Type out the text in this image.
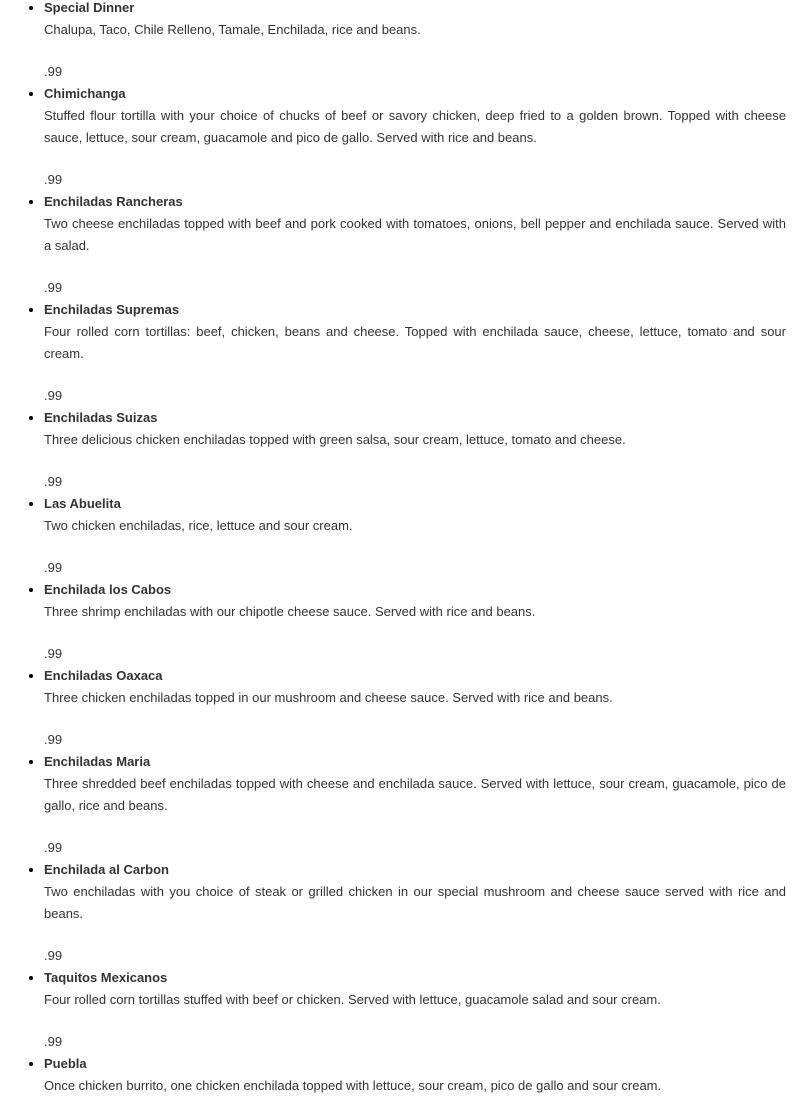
• Special Dinner
Chalupa, Taco, Chile Relleno, Tamale, Enchilada, rice and beans.
.99
• Chimichanga
Stuffed flour tortilla with your choice of chucks of beef or savory chicken, deep fried to a golden brown. Topped with cheese sauce, lettuce, sour cream, guacamole and pico de gallo. Served with rice and beans.
.99
• Enchiladas Rancheras
Two cheese enchiladas topped with beef and pork cooked with tomatoes, onions, bell pepper and enchilada sauce. Served with a salad.
.99
• Enchiladas Supremas
Four rolled corn tortillas: beef, chicken, beans and cheese. Topped with enchilada sauce, cheese, lettuce, tomato and sour cream.
.99
• Enchiladas Suizas
Three delicious chicken enchiladas topped with green salsa, sour cream, lettuce, tomato and cheese.
.99
• Las Abuelita
Two chicken enchiladas, rice, lettuce and sour cream.
.99
• Enchilada los Cabos
Three shrimp enchiladas with our chipotle cheese sauce. Served with rice and beans.
.99
• Enchiladas Oaxaca
Three chicken enchiladas topped in our mushroom and cheese sauce. Served with rice and beans.
.99
• Enchiladas Maria
Three shredded beef enchiladas topped with cheese and enchilada sauce. Served with lettuce, sour cream, guacamole, pico de gallo, rice and beans.
.99
• Enchilada al Carbon
Two enchiladas with you choice of steak or grilled chicken in our special mushroom and cheese sauce served with rice and beans.
.99
• Taquitos Mexicanos
Four rolled corn tortillas stuffed with beef or chicken. Served with lettuce, guacamole salad and sour cream.
.99
• Puebla
Once chicken burrito, one chicken enchilada topped with lettuce, sour cream, pico de gallo and sour cream.
